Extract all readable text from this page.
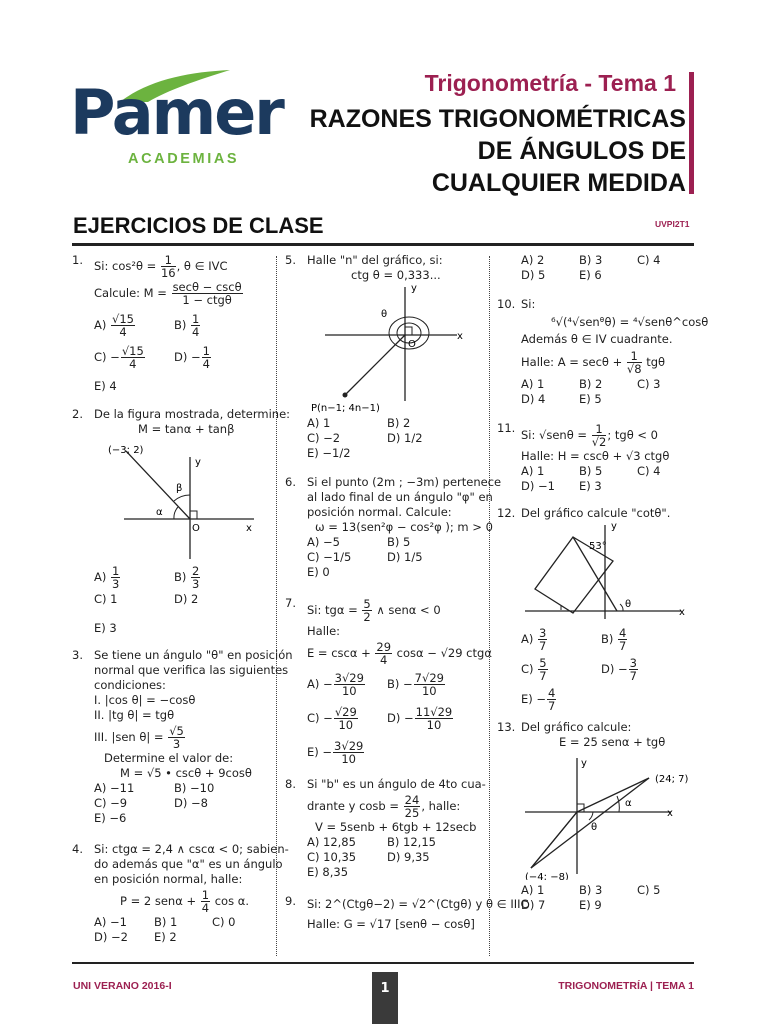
Pamer
ACADEMIAS
Trigonometría - Tema 1
RAZONES TRIGONOMÉTRICAS
DE ÁNGULOS DE
CUALQUIER MEDIDA
EJERCICIOS DE CLASE	UVPI2T1
1. Si: $\cos^2\theta = \frac{1}{16}$ , θ ∈ IVC
Calcule: $M = \frac{\sec\theta - \csc\theta}{\text{1 − ctgθ}}$
$A) \frac{√15}{4}$	$B) \frac{1}{4}$
$C) - \frac{√15}{4}$	$D) - \frac{1}{4}$
E) 4
2. De la figura mostrada, determine:
M = tanα + tanβ
(−3; 2)
y
x
O
β
α
$A) \frac{1}{3}$	$B) \frac{2}{3}$
C) 1	D) 2
E) 3
3. Se tiene un ángulo "θ" en posición
normal que verifica las siguientes
condiciones:
I. |cos θ| = −cosθ
II. |tg θ| = tgθ
III. |sen $\theta| = \frac{√5}{3}$
Determine el valor de:
M = √5 • cscθ + 9cosθ
A) −11	B) −10
C) −9	D) −8
E) −6
4. Si: ctgα = 2,4 ∧ cscα < 0; sabien-
do además que "α" es un ángulo
en posición normal, halle:
P = 2 $sen\alpha + \frac{1}{4}$ cos α.
A) −1	B) 1	C) 0
D) −2	E) 2
5. Halle "n" del gráfico, si:
ctg θ = 0,333...
y
x
O
θ
P(n−1; 4n−1)
A) 1	B) 2
C) −2	D) 1/2
E) −1/2
6. Si el punto (2m ; −3m) pertenece
al lado final de un ángulo "φ" en
posición normal. Calcule:
ω = 13(sen²φ − cos²φ ); m > 0
A) −5	B) 5
C) −1/5	D) 1/5
E) 0
7. Si: $tg\alpha = \frac{5}{2}$ ∧ senα < 0
Halle:
$E = \csc\alpha + \frac{29}{4}$ cosα − √29 ctgα
$A) - \frac{3√29}{10} B) - \frac{7√29}{10}$
$C) - \frac{√29}{10}$	$D) - \frac{11√29}{10}$
$E) - \frac{3√29}{10}$
8. Si "b" es un ángulo de 4to cua-
drante y $\cos b = \frac{24}{25}$ , halle:
V = 5senb + 6tgb + 12secb
A) 12,85	B) 12,15
C) 10,35	D) 9,35
E) 8,35
9. Si: 2^(Ctgθ−2) = √2^(Ctgθ) y θ ∈ IIIC
Halle: G = √17 [senθ − cosθ]
A) 2	B) 3	C) 4
D) 5	E) 6
10. Si:
⁶√(⁴√senᶿθ) = ⁴√senθ^cosθ
Además θ ∈ IV cuadrante.
Halle: $A = \sec\theta + \frac{1}{√8}$ tgθ
A) 1	B) 2	C) 3
D) 4	E) 5
11. Si: $√sen\theta = \frac{1}{√2}$ ; tgθ < 0
Halle: H = cscθ + √3 ctgθ
A) 1	B) 5	C) 4
D) −1	E) 3
12. Del gráfico calcule "cotθ".
y
x
53°
θ
$A) \frac{3}{7}$	$B) \frac{4}{7}$
$C) \frac{5}{7}$	$D) - \frac{3}{7}$
$E) - \frac{4}{7}$
13. Del gráfico calcule:
E = 25 senα + tgθ
y
x
(24; 7)
(−4; −8)
α
θ
A) 1	B) 3	C) 5
D) 7	E) 9
UNI VERANO 2016-I	1	TRIGONOMETRÍA | TEMA 1
